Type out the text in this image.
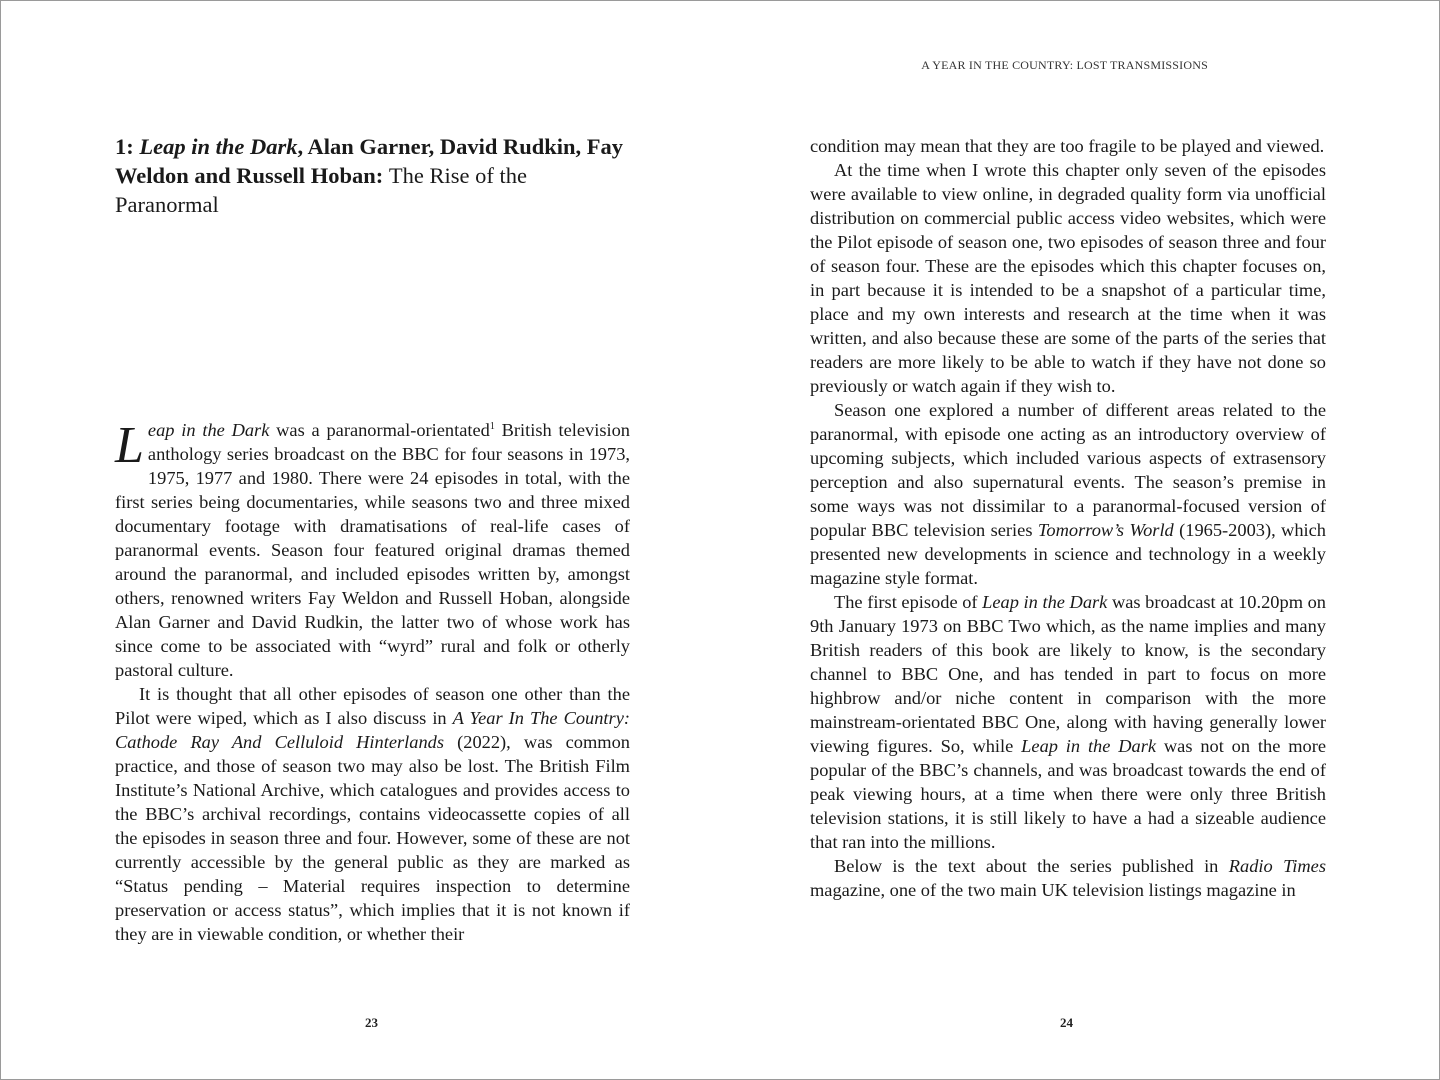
1: Leap in the Dark, Alan Garner, David Rudkin, Fay Weldon and Russell Hoban: The Rise of the Paranormal

Leap in the Dark was a paranormal-orientated$^1$ British television anthology series broadcast on the BBC for four seasons in 1973, 1975, 1977 and 1980. There were 24 episodes in total, with the first series being documentaries, while seasons two and three mixed documentary footage with dramatisations of real-life cases of paranormal events. Season four featured original dramas themed around the paranormal, and included episodes written by, amongst others, renowned writers Fay Weldon and Russell Hoban, alongside Alan Garner and David Rudkin, the latter two of whose work has since come to be associated with “wyrd” rural and folk or otherly pastoral culture.

It is thought that all other episodes of season one other than the Pilot were wiped, which as I also discuss in A Year In The Country: Cathode Ray And Celluloid Hinterlands (2022), was common practice, and those of season two may also be lost. The British Film Institute’s National Archive, which catalogues and provides access to the BBC’s archival recordings, contains videocassette copies of all the episodes in season three and four. However, some of these are not currently accessible by the general public as they are marked as “Status pending – Material requires inspection to determine preservation or access status”, which implies that it is not known if they are in viewable condition, or whether their

23
A YEAR IN THE COUNTRY: LOST TRANSMISSIONS

condition may mean that they are too fragile to be played and viewed.

At the time when I wrote this chapter only seven of the episodes were available to view online, in degraded quality form via unofficial distribution on commercial public access video websites, which were the Pilot episode of season one, two episodes of season three and four of season four. These are the episodes which this chapter focuses on, in part because it is intended to be a snapshot of a particular time, place and my own interests and research at the time when it was written, and also because these are some of the parts of the series that readers are more likely to be able to watch if they have not done so previously or watch again if they wish to.

Season one explored a number of different areas related to the paranormal, with episode one acting as an introductory overview of upcoming subjects, which included various aspects of extrasensory perception and also supernatural events. The season’s premise in some ways was not dissimilar to a paranormal-focused version of popular BBC television series Tomorrow’s World (1965-2003), which presented new developments in science and technology in a weekly magazine style format.

The first episode of Leap in the Dark was broadcast at 10.20pm on 9th January 1973 on BBC Two which, as the name implies and many British readers of this book are likely to know, is the secondary channel to BBC One, and has tended in part to focus on more highbrow and/or niche content in comparison with the more mainstream-orientated BBC One, along with having generally lower viewing figures. So, while Leap in the Dark was not on the more popular of the BBC’s channels, and was broadcast towards the end of peak viewing hours, at a time when there were only three British television stations, it is still likely to have a had a sizeable audience that ran into the millions.

Below is the text about the series published in Radio Times magazine, one of the two main UK television listings magazine in

24
